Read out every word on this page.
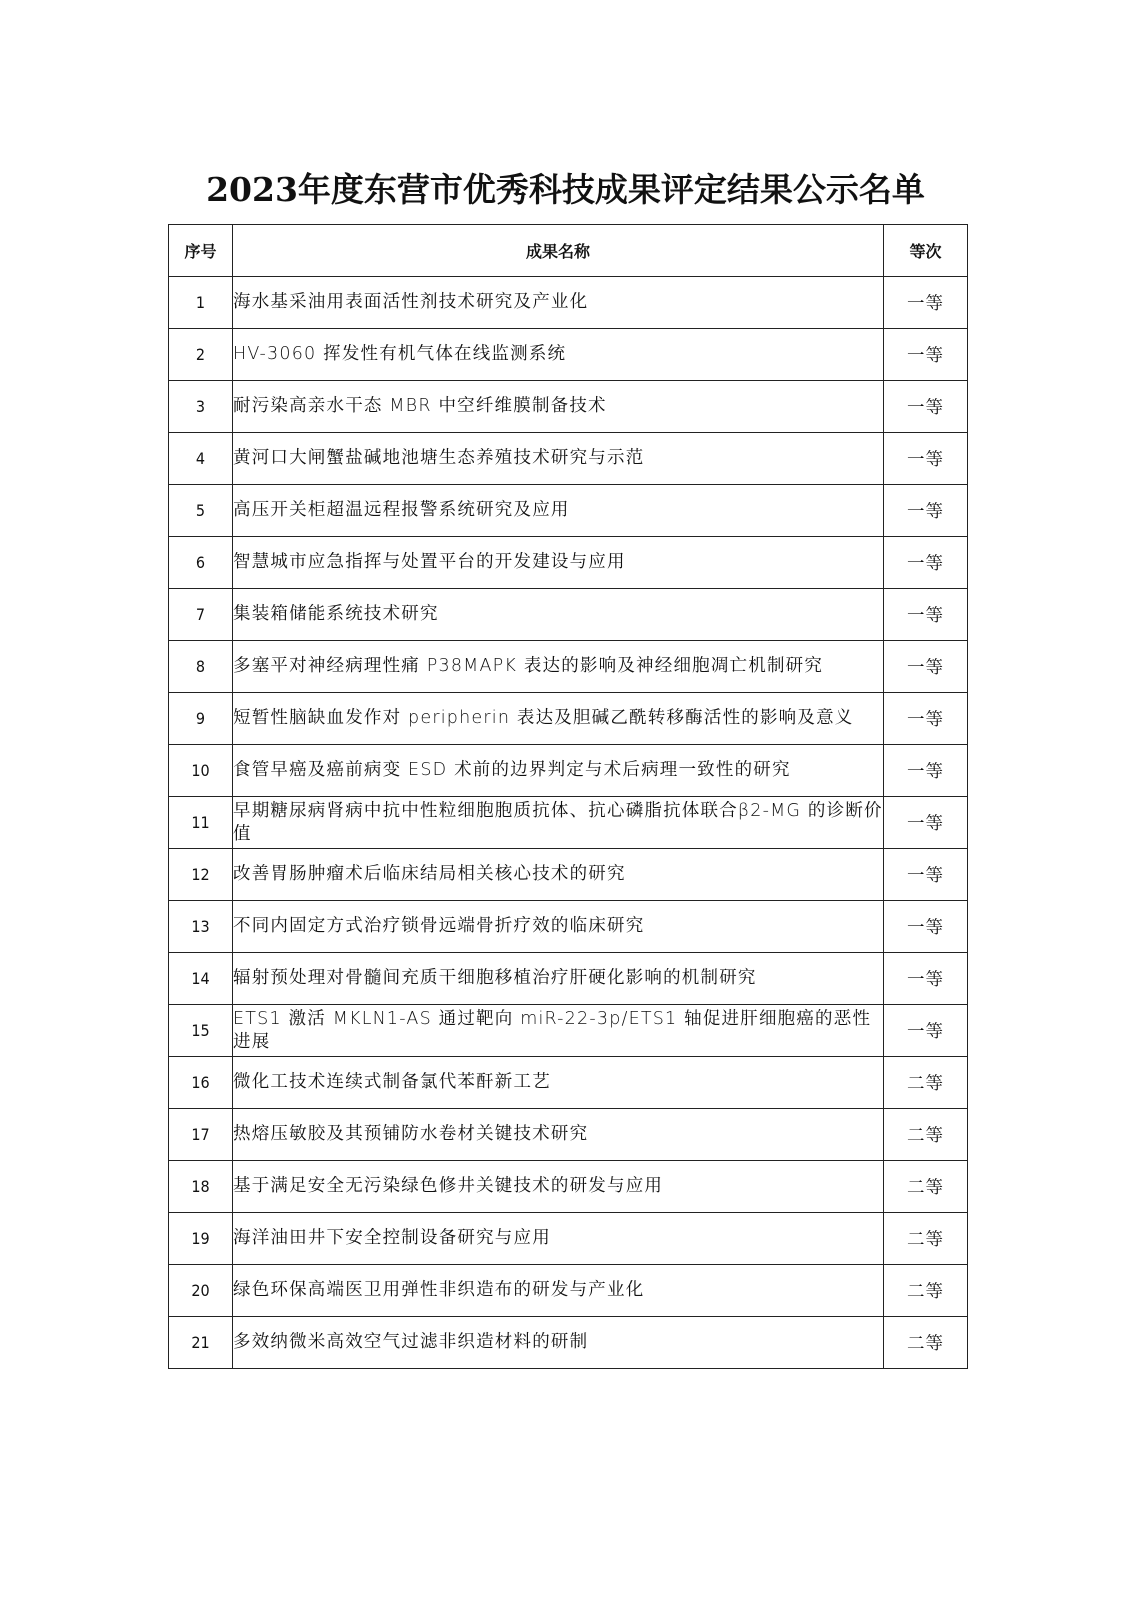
2023年度东营市优秀科技成果评定结果公示名单
序号	成果名称	等次
1	海水基采油用表面活性剂技术研究及产业化	一等
2	HV-3060 挥发性有机气体在线监测系统	一等
3	耐污染高亲水干态 MBR 中空纤维膜制备技术	一等
4	黄河口大闸蟹盐碱地池塘生态养殖技术研究与示范	一等
5	高压开关柜超温远程报警系统研究及应用	一等
6	智慧城市应急指挥与处置平台的开发建设与应用	一等
7	集装箱储能系统技术研究	一等
8	多塞平对神经病理性痛 P38MAPK 表达的影响及神经细胞凋亡机制研究	一等
9	短暂性脑缺血发作对 peripherin 表达及胆碱乙酰转移酶活性的影响及意义	一等
10	食管早癌及癌前病变 ESD 术前的边界判定与术后病理一致性的研究	一等
11	早期糖尿病肾病中抗中性粒细胞胞质抗体、抗心磷脂抗体联合β2-MG 的诊断价值	一等
12	改善胃肠肿瘤术后临床结局相关核心技术的研究	一等
13	不同内固定方式治疗锁骨远端骨折疗效的临床研究	一等
14	辐射预处理对骨髓间充质干细胞移植治疗肝硬化影响的机制研究	一等
15	ETS1 激活 MKLN1-AS 通过靶向 miR-22-3p/ETS1 轴促进肝细胞癌的恶性进展	一等
16	微化工技术连续式制备氯代苯酐新工艺	二等
17	热熔压敏胶及其预铺防水卷材关键技术研究	二等
18	基于满足安全无污染绿色修井关键技术的研发与应用	二等
19	海洋油田井下安全控制设备研究与应用	二等
20	绿色环保高端医卫用弹性非织造布的研发与产业化	二等
21	多效纳微米高效空气过滤非织造材料的研制	二等
